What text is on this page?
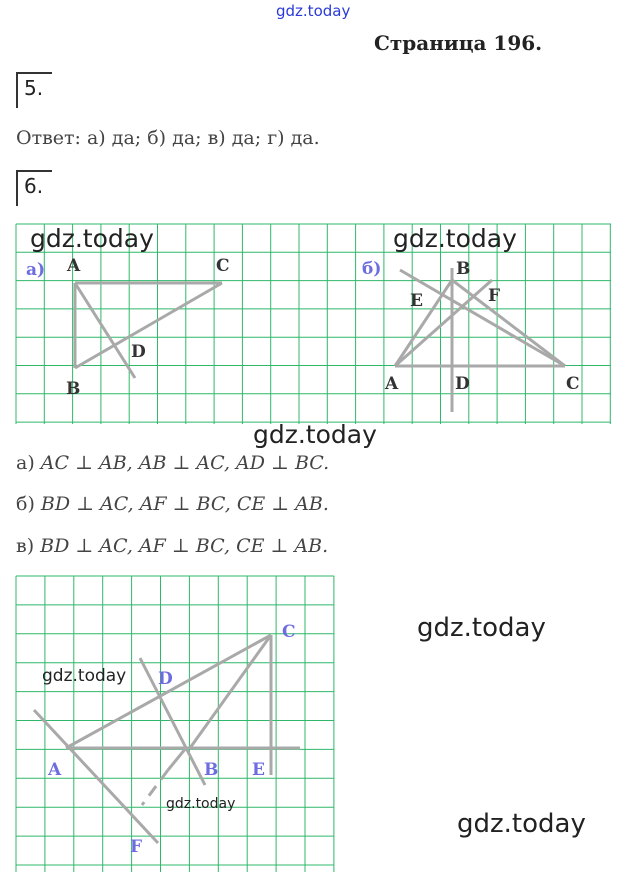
gdz.today
Страница 196.
5.
Ответ: а) да; б) да; в) да; г) да.
6.
а) A	C
D
B
б)	B
E	F
A	D	C
C
D
A	B E
F
а) AC ⊥ AB, AB ⊥ AC, AD ⊥ BC.
б) BD ⊥ AC, AF ⊥ BC, CE ⊥ AB.
в) BD ⊥ AC, AF ⊥ BC, CE ⊥ AB.
gdz.today	gdz.today
gdz.today
gdz.today
gdz.today
gdz.today
gdz.today
